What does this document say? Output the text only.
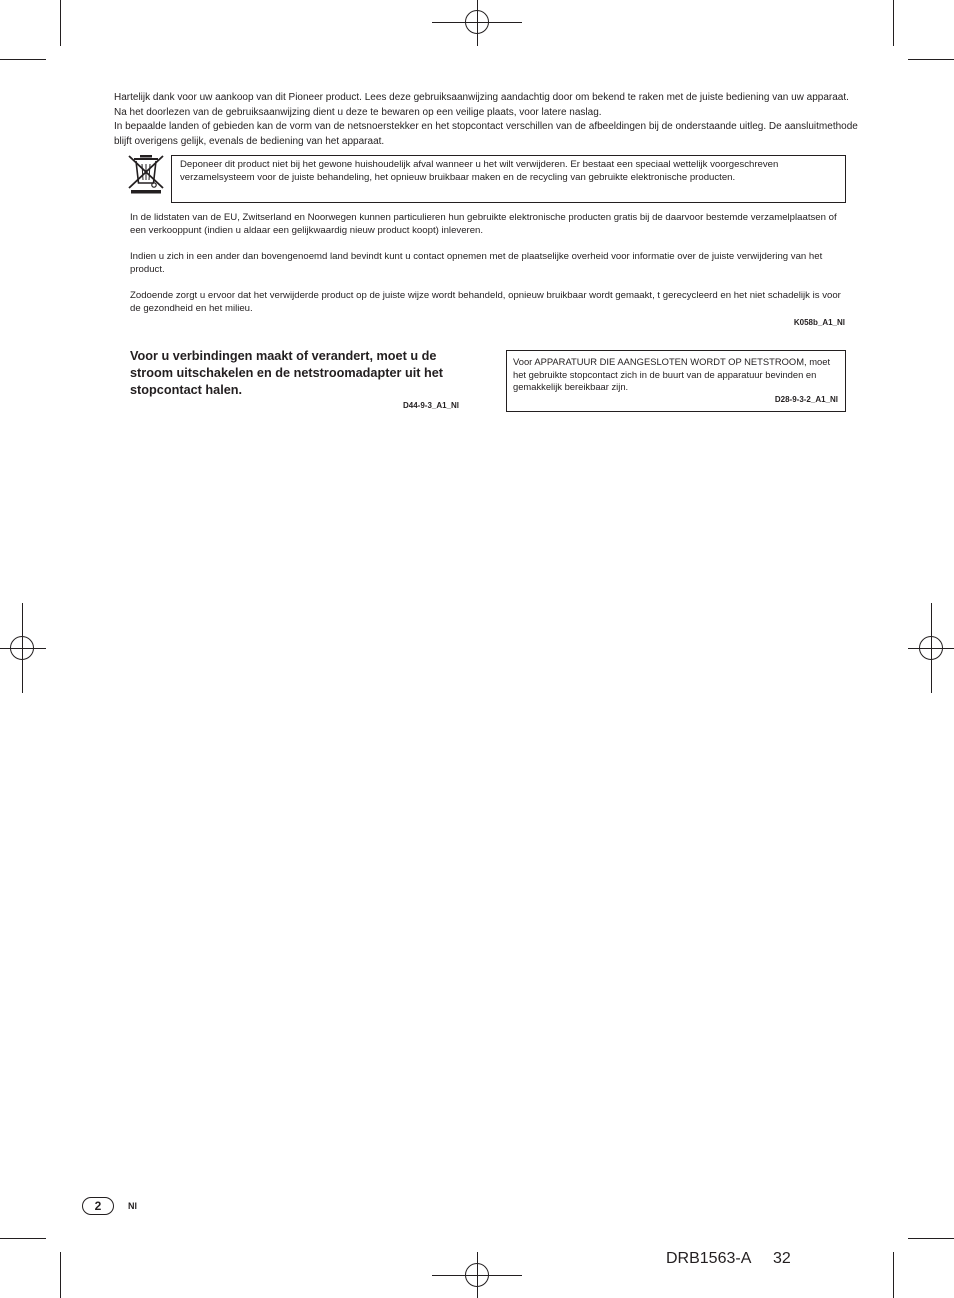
Hartelijk dank voor uw aankoop van dit Pioneer product. Lees deze gebruiksaanwijzing aandachtig door om bekend te raken met de juiste bediening van uw apparaat. Na het doorlezen van de gebruiksaanwijzing dient u deze te bewaren op een veilige plaats, voor latere naslag.

In bepaalde landen of gebieden kan de vorm van de netsnoerstekker en het stopcontact verschillen van de afbeeldingen bij de onderstaande uitleg. De aansluitmethode blijft overigens gelijk, evenals de bediening van het apparaat.

Deponeer dit product niet bij het gewone huishoudelijk afval wanneer u het wilt verwijderen. Er bestaat een speciaal wettelijk voorgeschreven verzamelsysteem voor de juiste behandeling, het opnieuw bruikbaar maken en de recycling van gebruikte elektronische producten.

In de lidstaten van de EU, Zwitserland en Noorwegen kunnen particulieren hun gebruikte elektronische producten gratis bij de daarvoor bestemde verzamelplaatsen of een verkooppunt (indien u aldaar een gelijkwaardig nieuw product koopt) inleveren.

Indien u zich in een ander dan bovengenoemd land bevindt kunt u contact opnemen met de plaatselijke overheid voor informatie over de juiste verwijdering van het product.

Zodoende zorgt u ervoor dat het verwijderde product op de juiste wijze wordt behandeld, opnieuw bruikbaar wordt gemaakt, t gerecycleerd en het niet schadelijk is voor de gezondheid en het milieu.

K058b_A1_Nl

Voor u verbindingen maakt of verandert, moet u de stroom uitschakelen en de netstroomadapter uit het stopcontact halen.

D44-9-3_A1_Nl
Voor APPARATUUR DIE AANGESLOTEN WORDT OP NETSTROOM, moet het gebruikte stopcontact zich in de buurt van de apparatuur bevinden en gemakkelijk bereikbaar zijn.
D28-9-3-2_A1_Nl
2	Nl
DRB1563-A 32
